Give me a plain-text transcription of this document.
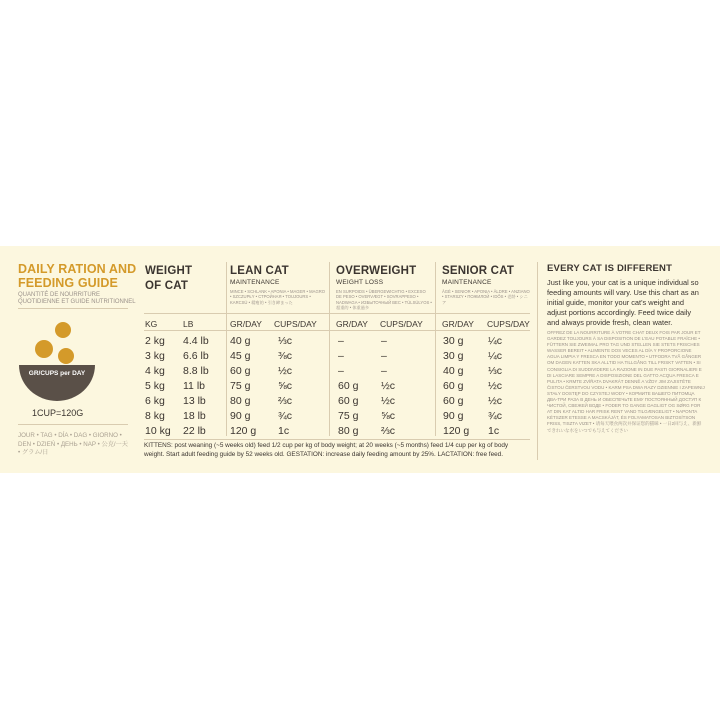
DAILY RATION AND
FEEDING GUIDE
QUANTITÉ DE NOURRITURE
QUOTIDIENNE ET GUIDE NUTRITIONNEL
GR/CUPS per DAY
1CUP=120G
JOUR • TAG • DÍA • DAG • GIORNO • DEN • DZIEŃ • ДЕНЬ • NAP • 公克/一天 • グラム/日
WEIGHT
OF CAT
LEAN CAT
MAINTENANCE
MINCE • SCHLANK • APONIA • MAGER • MAGRO • SZCZUPŁY • СТРОЙНАЯ • TOUJOURS • KARCSÚ • 精瘦的 • 引き締まった
OVERWEIGHT
WEIGHT LOSS
EN SURPOIDS • ÜBERGEWICHTIG • EXCESO DE PESO • OVERVÆGT • SOVRAPPESO • NADWAGA • ИЗБЫТОЧНЫЙ ВЕС • TÚLSÚLYOS • 超重的 • 体重過多
SENIOR CAT
MAINTENANCE
ÂGÉ • SENIOR • APONIA • ÄLDRE • ANZIANO • STARSZY • ПОЖИЛОЙ • IDŐS • 老龄 • シニア
KG	LB	GR/DAY CUPS/DAY GR/DAY CUPS/DAY GR/DAY CUPS/DAY
2 kg 4.4 lb 40 g	⅓c	–	–	30 g ¼c
3 kg 6.6 lb 45 g	⅜c	–	–	30 g ¼c
4 kg 8.8 lb 60 g	½c	–	–	40 g ⅓c
5 kg 11 lb 75 g	⅝c	60 g ½c	60 g ½c
6 kg 13 lb 80 g	⅔c	60 g ½c	60 g ½c
8 kg 18 lb 90 g	¾c	75 g ⅝c	90 g ¾c
10 kg 22 lb 120 g 1c	80 g ⅔c	120 g 1c
KITTENS: post weaning (~5 weeks old) feed 1/2 cup per kg of body weight; at 20 weeks (~5 months) feed 1/4 cup per kg of body weight. Start adult feeding guide by 52 weeks old. GESTATION: increase daily feeding amount by 25%. LACTATION: free feed.
EVERY CAT IS DIFFERENT
Just like you, your cat is a unique individual so feeding amounts will vary. Use this chart as an initial guide, monitor your cat's weight and adjust portions accordingly. Feed twice daily and always provide fresh, clean water.
OFFREZ DE LA NOURRITURE À VOTRE CHAT DEUX FOIS PAR JOUR ET GARDEZ TOUJOURS À SA DISPOSITION DE L'EAU POTABLE FRAÎCHE • FÜTTERN SIE ZWEIMAL PRO TAG UND STELLEN SIE STETS FRISCHES WASSER BEREIT • ALIMENTE DOS VECES AL DÍA Y PROPORCIONE AGUA LIMPIA Y FRESCA EN TODO MOMENTO • UTFODRA TVÅ GÅNGER OM DAGEN KATTEN SKA ALLTID HA TILLGÅNG TILL FRISKT VATTEN • SI CONSIGLIA DI SUDDIVIDERE LA RAZIONE IN DUE PASTI GIORNALIERI E DI LASCIARE SEMPRE A DISPOSIZIONE DEL GATTO ACQUA FRESCA E PULITA • KRMTE ZVÍŘATA DVAKRÁT DENNĚ A VŽDY JIM ZAJISTĚTE ČISTOU ČERSTVOU VODU • KARM PSA DWA RAZY DZIENNIE I ZAPEWNIJ STAŁY DOSTĘP DO CZYSTEJ WODY • КОРМИТЕ ВАШЕГО ПИТОМЦА ДВА-ТРИ РАЗА В ДЕНЬ И ОБЕСПЕЧЬТЕ ЕМУ ПОСТОЯННЫЙ ДОСТУП К ЧИСТОЙ, СВЕЖЕЙ ВОДЕ • FODER TO GANGE DAGLIGT OG SØRG FOR AT DIN KAT ALTID HAR FRISK RENT VAND TILGÆNGELIGT • NAPONTA KÉTSZER ETESSE A MACSKÁJÁT, ÉS FOLYAMATOSAN BIZTOSÍTSON FRISS, TISZTA VIZET • 请每天喂食两次并保证您的猫咪 • 一日2回与え、新鮮できれいな水をいつでも与えてください
